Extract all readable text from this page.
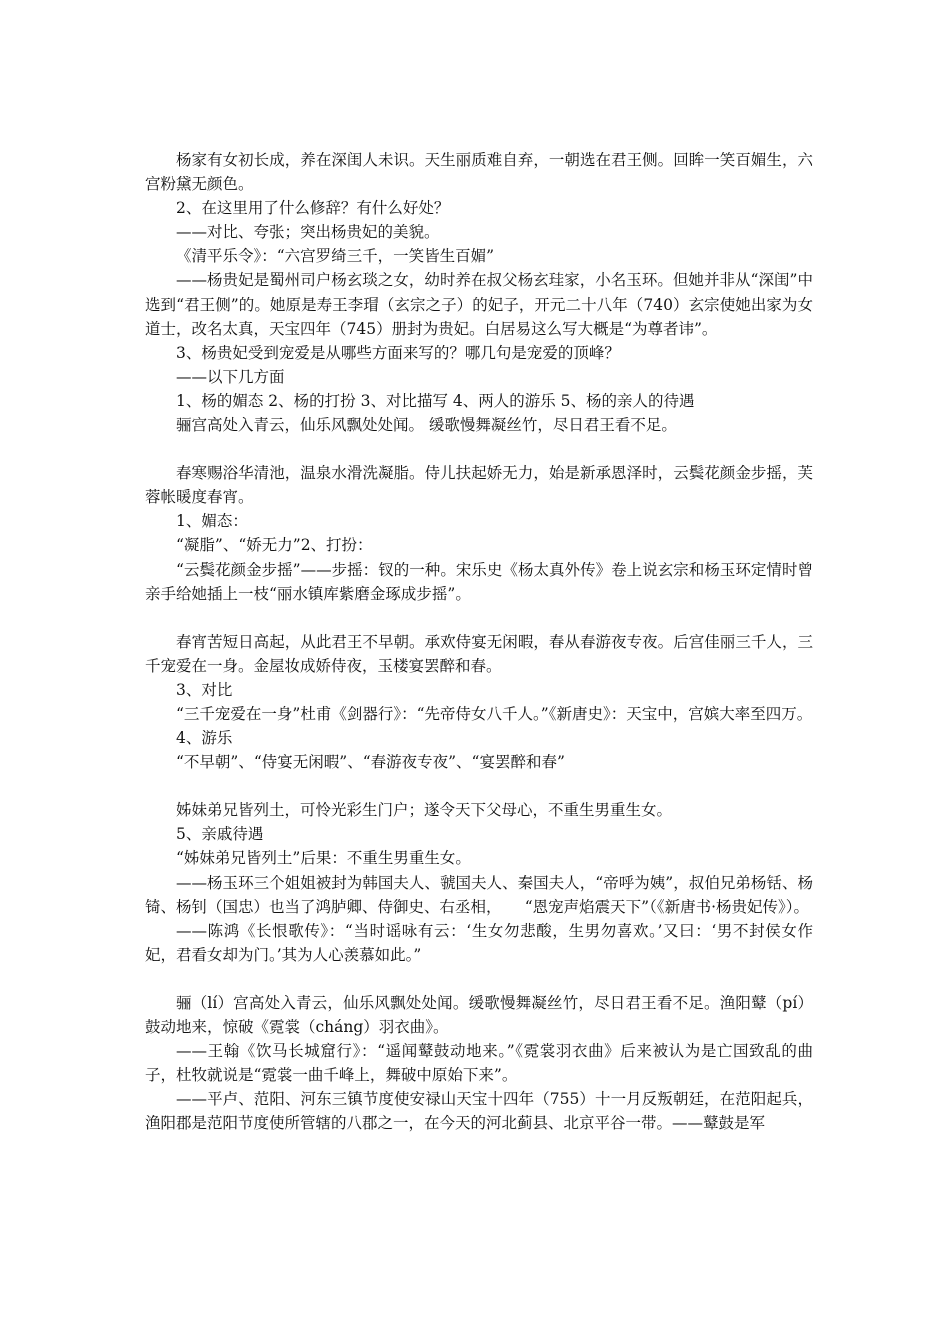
杨家有女初长成，养在深闺人未识。天生丽质难自弃，一朝选在君王侧。回眸一笑百媚生，六宫粉黛无颜色。

2、在这里用了什么修辞？有什么好处？

——对比、夸张；突出杨贵妃的美貌。

《清平乐令》：“六宫罗绮三千，一笑皆生百媚”

——杨贵妃是蜀州司户杨玄琰之女，幼时养在叔父杨玄珪家，小名玉环。但她并非从“深闺”中选到“君王侧”的。她原是寿王李瑁（玄宗之子）的妃子，开元二十八年（740）玄宗使她出家为女道士，改名太真，天宝四年（745）册封为贵妃。白居易这么写大概是“为尊者讳”。

3、杨贵妃受到宠爱是从哪些方面来写的？哪几句是宠爱的顶峰？

——以下几方面

1、杨的媚态 2、杨的打扮 3、对比描写 4、两人的游乐 5、杨的亲人的待遇

骊宫高处入青云，仙乐风飘处处闻。 缓歌慢舞凝丝竹，尽日君王看不足。

春寒赐浴华清池，温泉水滑洗凝脂。侍儿扶起娇无力，始是新承恩泽时，云鬓花颜金步摇，芙蓉帐暖度春宵。

1、媚态：

“凝脂”、“娇无力”2、打扮：

“云鬓花颜金步摇”——步摇：钗的一种。宋乐史《杨太真外传》卷上说玄宗和杨玉环定情时曾亲手给她插上一枝“丽水镇库紫磨金琢成步摇”。

春宵苦短日高起，从此君王不早朝。承欢侍宴无闲暇，春从春游夜专夜。后宫佳丽三千人，三千宠爱在一身。金屋妆成娇侍夜，玉楼宴罢醉和春。

3、对比

“三千宠爱在一身”杜甫《剑器行》：“先帝侍女八千人。”《新唐史》：天宝中，宫嫔大率至四万。

4、游乐

“不早朝”、“侍宴无闲暇”、“春游夜专夜”、“宴罢醉和春”

姊妹弟兄皆列土，可怜光彩生门户；遂令天下父母心，不重生男重生女。

5、亲戚待遇

“姊妹弟兄皆列土”后果：不重生男重生女。

——杨玉环三个姐姐被封为韩国夫人、虢国夫人、秦国夫人，“帝呼为姨”，叔伯兄弟杨铦、杨锜、杨钊（国忠）也当了鸿胪卿、侍御史、右丞相，　　“恩宠声焰震天下”（《新唐书·杨贵妃传》）。

——陈鸿《长恨歌传》：“当时谣咏有云：‘生女勿悲酸，生男勿喜欢。’又曰：‘男不封侯女作妃，君看女却为门。’其为人心羡慕如此。”

骊（lí）宫高处入青云，仙乐风飘处处闻。缓歌慢舞凝丝竹，尽日君王看不足。渔阳鼙（pí）鼓动地来，惊破《霓裳（cháng）羽衣曲》。

——王翰《饮马长城窟行》：“遥闻鼙鼓动地来。”《霓裳羽衣曲》后来被认为是亡国致乱的曲子，杜牧就说是“霓裳一曲千峰上，舞破中原始下来”。

——平卢、范阳、河东三镇节度使安禄山天宝十四年（755）十一月反叛朝廷，在范阳起兵，渔阳郡是范阳节度使所管辖的八郡之一，在今天的河北蓟县、北京平谷一带。——鼙鼓是军
